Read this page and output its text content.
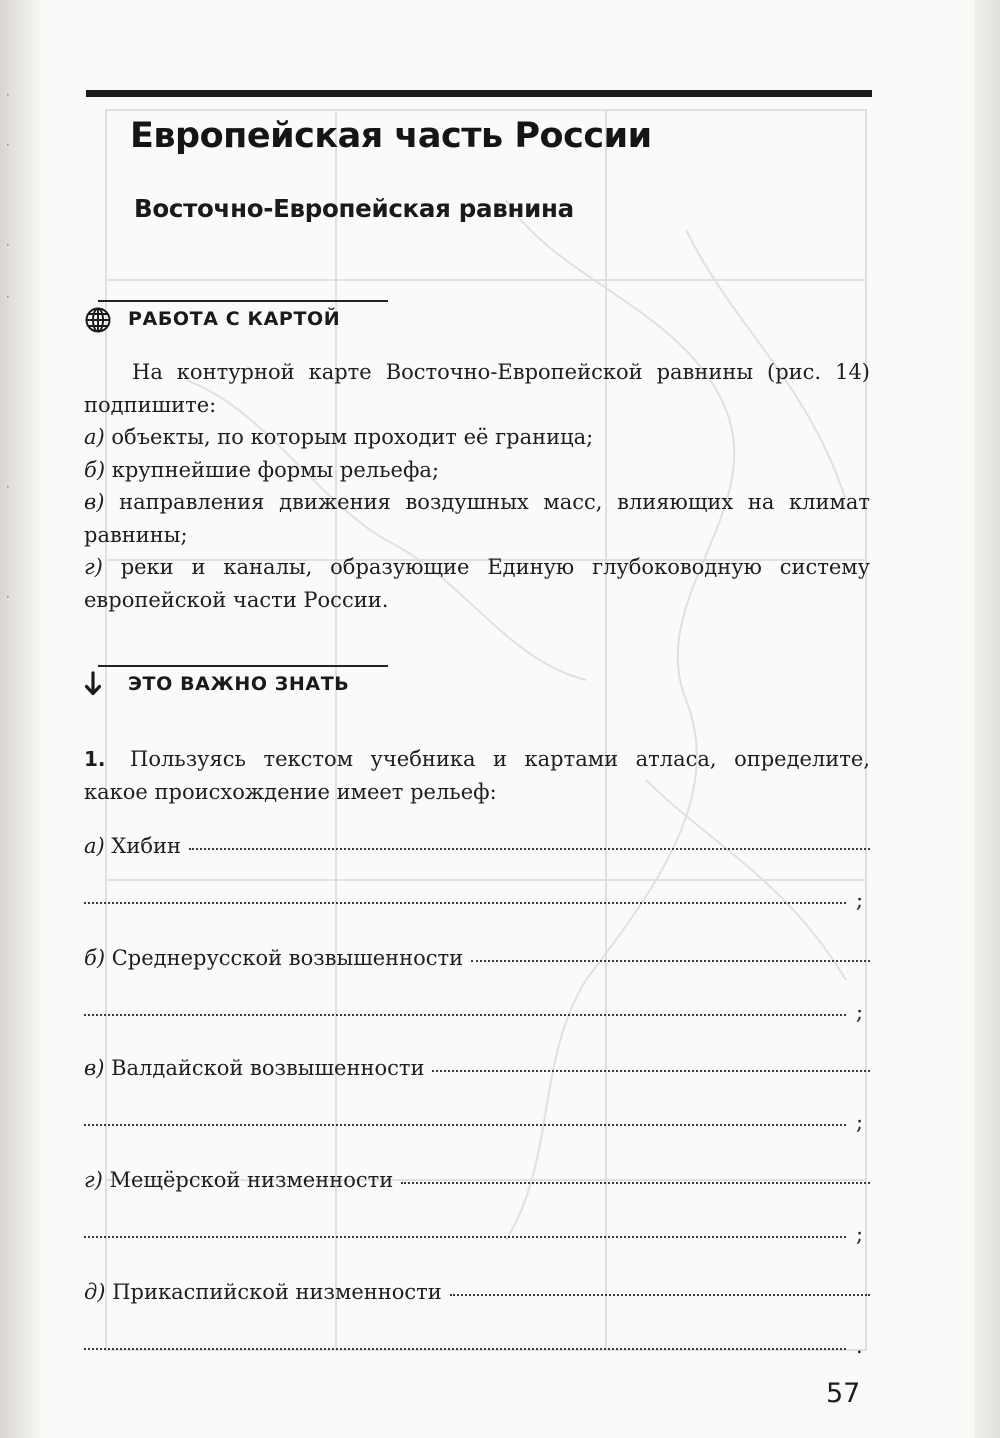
·
·
·
·
·
·
Европейская часть России
Восточно-Европейская равнина
РАБОТА С КАРТОЙ

На контурной карте Восточно-Европейской равнины (рис. 14) подпишите:

а) объекты, по которым проходит её граница;

б) крупнейшие формы рельефа;

в) направления движения воздушных масс, влияющих на климат равнины;

г) реки и каналы, образующие Единую глубоководную систему европейской части России.

ЭТО ВАЖНО ЗНАТЬ
1. Пользуясь текстом учебника и картами атласа, определите, какое происхождение имеет рельеф:
а) Хибин
;
б) Среднерусской возвышенности
;
в) Валдайской возвышенности
;
г) Мещёрской низменности
;
д) Прикаспийской низменности
.
57
